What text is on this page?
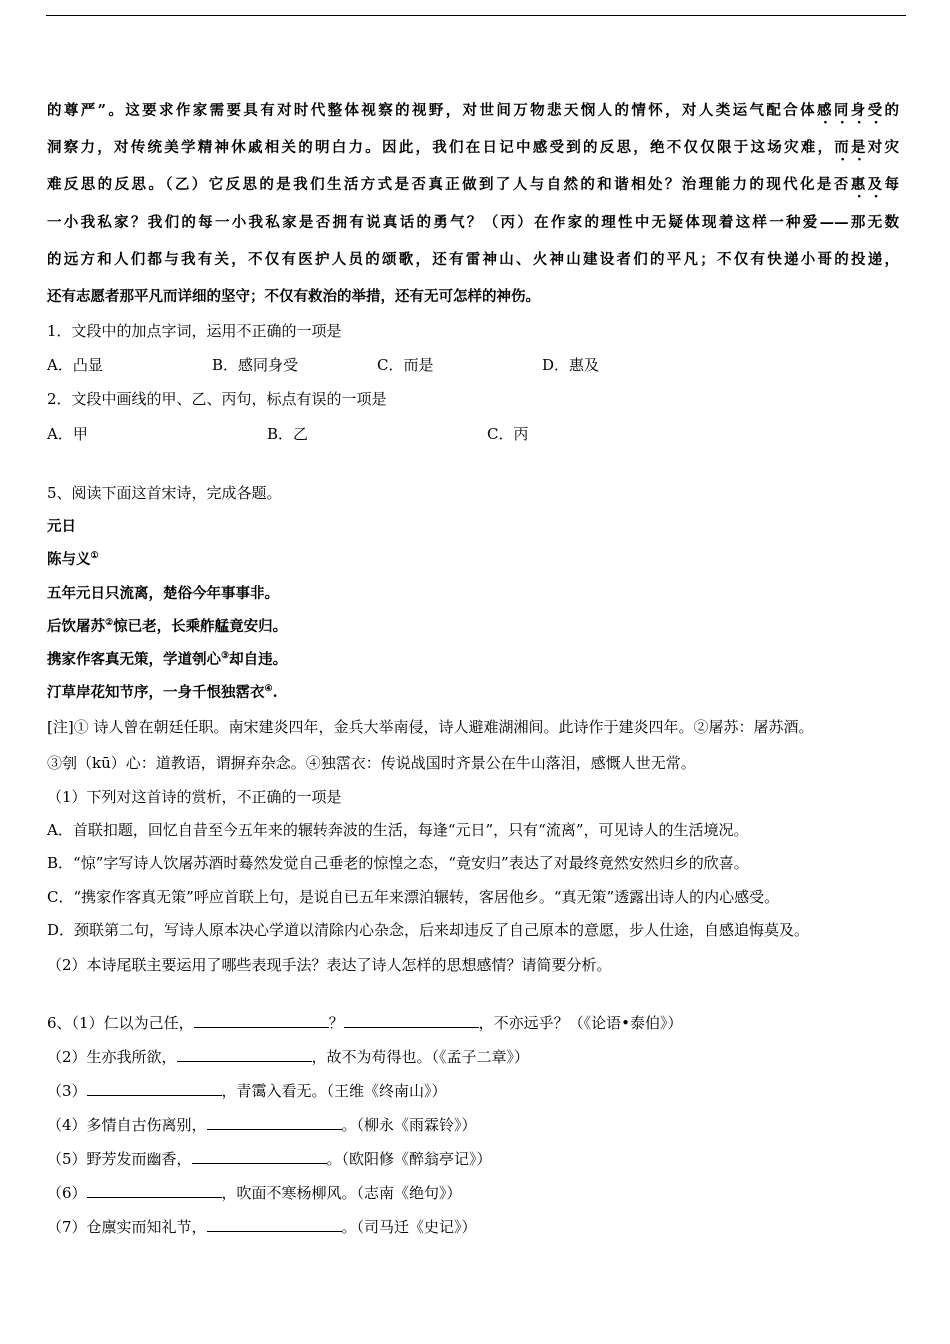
的尊严”。这要求作家需要具有对时代整体视察的视野，对世间万物悲天悯人的情怀，对人类运气配合体感同身受的
洞察力，对传统美学精神休戚相关的明白力。因此，我们在日记中感受到的反思，绝不仅仅限于这场灾难，而是对灾
难反思的反思。（乙）它反思的是我们生活方式是否真正做到了人与自然的和谐相处？治理能力的现代化是否惠及每
一小我私家？我们的每一小我私家是否拥有说真话的勇气？（丙）在作家的理性中无疑体现着这样一种爱——那无数
的远方和人们都与我有关，不仅有医护人员的颂歌，还有雷神山、火神山建设者们的平凡；不仅有快递小哥的投递，
还有志愿者那平凡而详细的坚守；不仅有救治的举措，还有无可怎样的神伤。
1．文段中的加点字词，运用不正确的一项是
A．凸显	B．感同身受	C．而是	D．惠及
2．文段中画线的甲、乙、丙句，标点有误的一项是
A．甲	B．乙	C．丙
5、阅读下面这首宋诗，完成各题。
元日
陈与义①
五年元日只流离，楚俗今年事事非。
后饮屠苏②惊已老，长乘舴艋竟安归。
携家作客真无策，学道刳心③却自违。
汀草岸花知节序，一身千恨独霑衣④.
[注]① 诗人曾在朝廷任职。南宋建炎四年，金兵大举南侵，诗人避难湖湘间。此诗作于建炎四年。②屠苏：屠苏酒。
③刳（kū）心：道教语，谓摒弃杂念。④独霑衣：传说战国时齐景公在牛山落泪，感慨人世无常。
（1）下列对这首诗的赏析，不正确的一项是
A．首联扣题，回忆自昔至今五年来的辗转奔波的生活，每逢“元日”，只有“流离”，可见诗人的生活境况。
B．“惊”字写诗人饮屠苏酒时蓦然发觉自己垂老的惊惶之态，“竟安归”表达了对最终竟然安然归乡的欣喜。
C．“携家作客真无策”呼应首联上句，是说自已五年来漂泊辗转，客居他乡。“真无策”透露出诗人的内心感受。
D．颈联第二句，写诗人原本决心学道以清除内心杂念，后来却违反了自己原本的意愿，步人仕途，自感追悔莫及。
（2）本诗尾联主要运用了哪些表现手法？表达了诗人怎样的思想感情？请简要分析。
6、（1）仁以为己任，	？	，不亦远乎？（《论语•泰伯》）
（2）生亦我所欲，	，故不为苟得也。（《孟子二章》）
（3）	，青霭入看无。（王维《终南山》）
（4）多情自古伤离别，	。（柳永《雨霖铃》）
（5）野芳发而幽香，	。（欧阳修《醉翁亭记》）
（6）	，吹面不寒杨柳风。（志南《绝句》）
（7）仓廪实而知礼节，	。（司马迁《史记》）
